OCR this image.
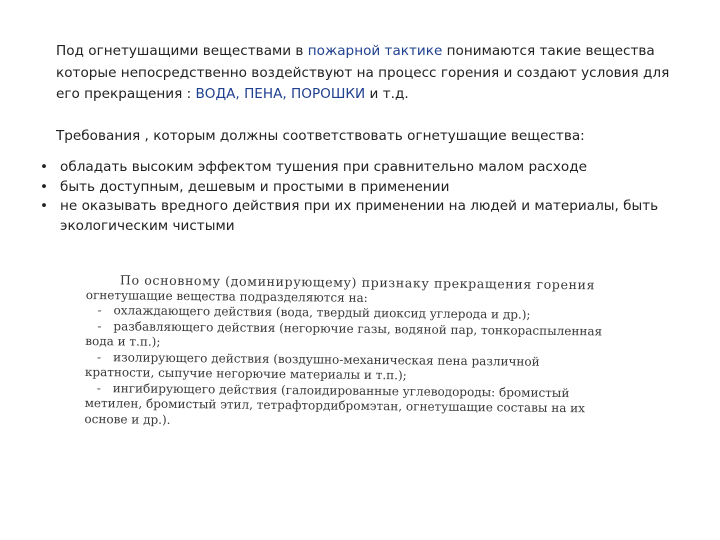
Под огнетушащими веществами в пожарной тактике понимаются такие вещества которые непосредственно воздействуют на процесс горения и создают условия для его прекращения : ВОДА, ПЕНА, ПОРОШКИ и т.д.

Требования , которым должны соответствовать огнетушащие вещества:

• обладать высоким эффектом тушения при сравнительно малом расходе
• быть доступным, дешевым и простыми в применении
• не оказывать вредного действия при их применении на людей и материалы, быть экологическим чистыми
По основному (доминирующему) признаку прекращения горения
огнетушащие вещества подразделяются на:
- охлаждающего действия (вода, твердый диоксид углерода и др.);
- разбавляющего действия (негорючие газы, водяной пар, тонкораспыленная
вода и т.п.);
- изолирующего действия (воздушно-механическая пена различной
кратности, сыпучие негорючие материалы и т.п.);
- ингибирующего действия (галоидированные углеводороды: бромистый
метилен, бромистый этил, тетрафтордибромэтан, огнетушащие составы на их
основе и др.).
